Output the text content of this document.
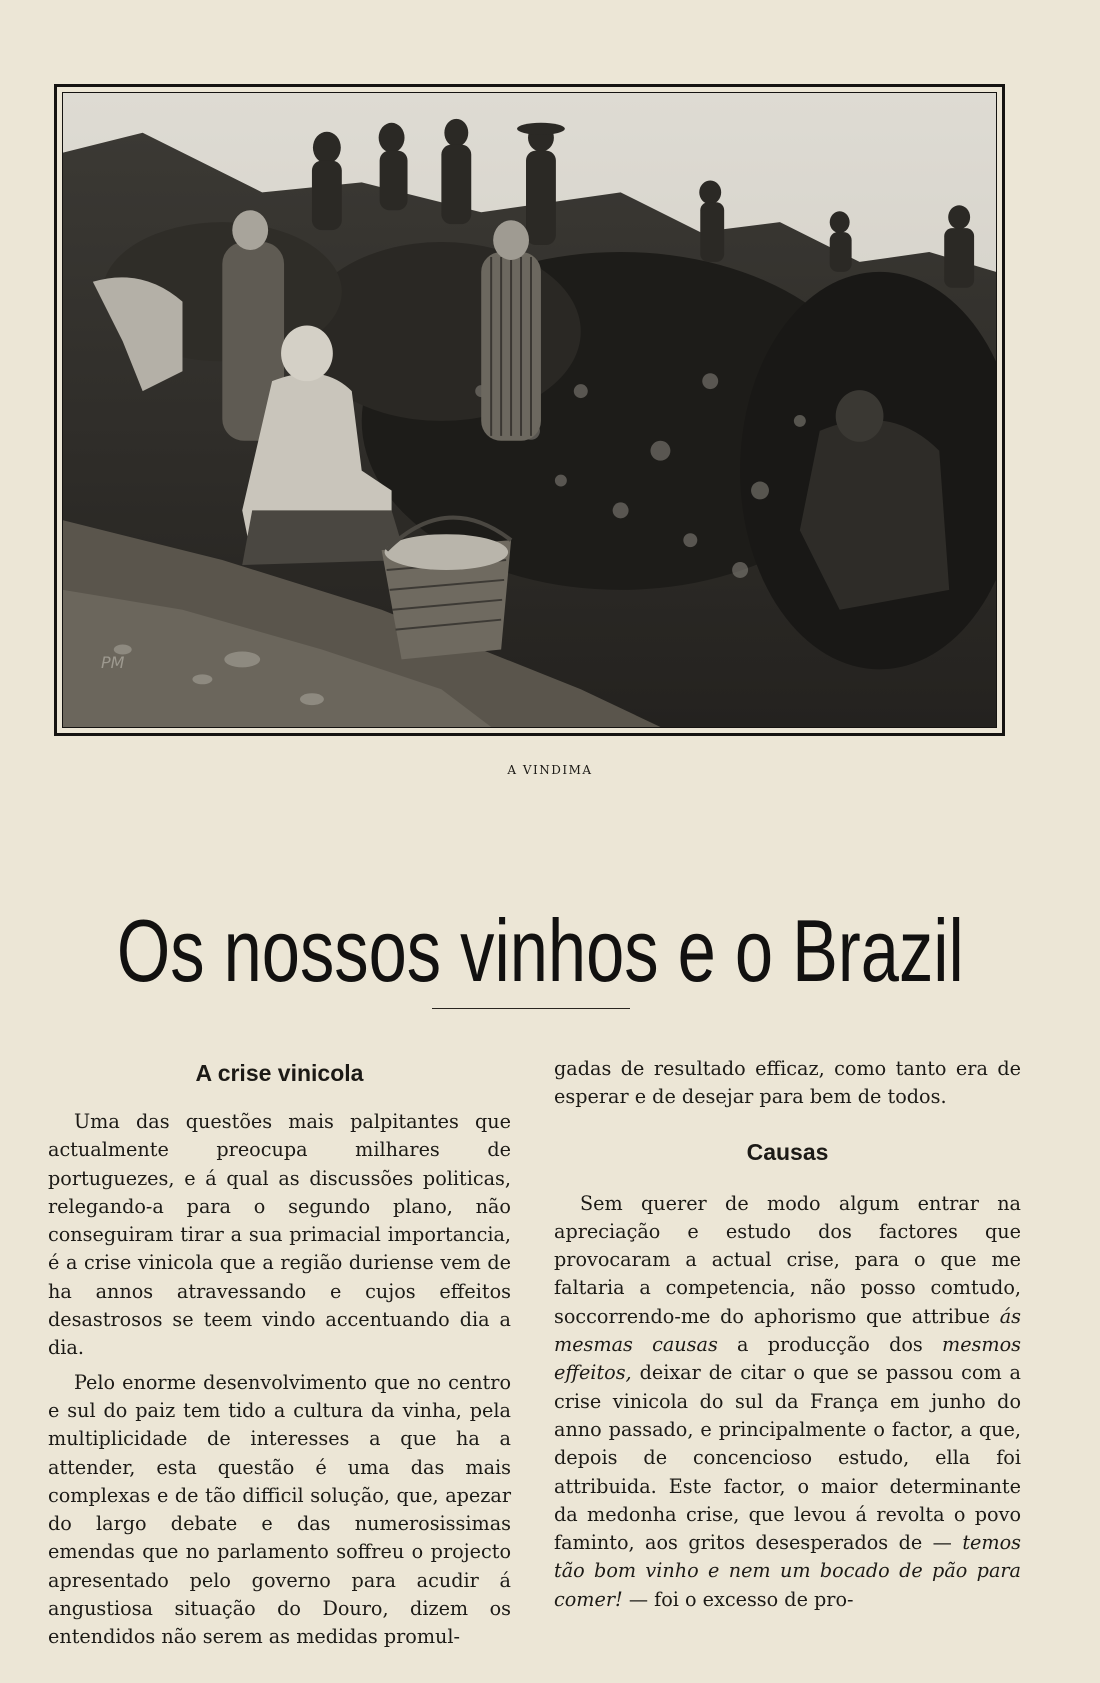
PM
A VINDIMA
Os nossos vinhos e o Brazil
A crise vinicola

Uma das questões mais palpitantes que actualmente preocupa milhares de portuguezes, e á qual as discussões politicas, relegando-a para o segundo plano, não conseguiram tirar a sua primacial importancia, é a crise vinicola que a região duriense vem de ha annos atravessando e cujos effeitos desastrosos se teem vindo accentuando dia a dia.

Pelo enorme desenvolvimento que no centro e sul do paiz tem tido a cultura da vinha, pela multiplicidade de interesses a que ha a attender, esta questão é uma das mais complexas e de tão difficil solução, que, apezar do largo debate e das numerosissimas emendas que no parlamento soffreu o projecto apresentado pelo governo para acudir á angustiosa situação do Douro, dizem os entendidos não serem as medidas promul-

gadas de resultado efficaz, como tanto era de esperar e de desejar para bem de todos.

Causas

Sem querer de modo algum entrar na apreciação e estudo dos factores que provocaram a actual crise, para o que me faltaria a competencia, não posso comtudo, soccorrendo-me do aphorismo que attribue ás mesmas causas a producção dos mesmos effeitos, deixar de citar o que se passou com a crise vinicola do sul da França em junho do anno passado, e principalmente o factor, a que, depois de concencioso estudo, ella foi attribuida. Este factor, o maior determinante da medonha crise, que levou á revolta o povo faminto, aos gritos desesperados de — temos tão bom vinho e nem um bocado de pão para comer! — foi o excesso de pro-
